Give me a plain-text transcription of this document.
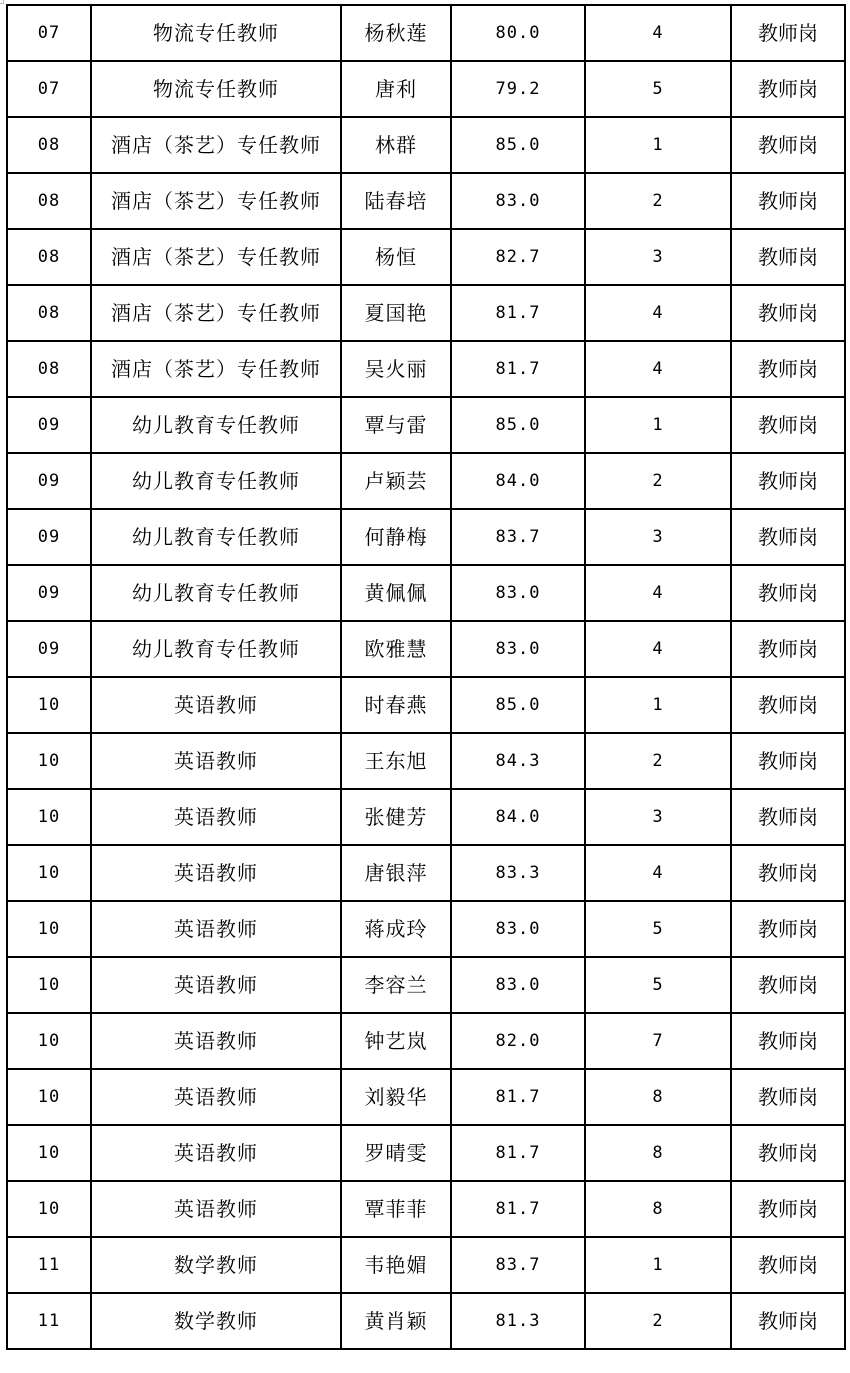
07	物流专任教师	杨秋莲	80.0	4	教师岗
07	物流专任教师	唐利	79.2	5	教师岗
08	酒店（茶艺）专任教师	林群	85.0	1	教师岗
08	酒店（茶艺）专任教师	陆春培	83.0	2	教师岗
08	酒店（茶艺）专任教师	杨恒	82.7	3	教师岗
08	酒店（茶艺）专任教师	夏国艳	81.7	4	教师岗
08	酒店（茶艺）专任教师	吴火丽	81.7	4	教师岗
09	幼儿教育专任教师	覃与雷	85.0	1	教师岗
09	幼儿教育专任教师	卢颖芸	84.0	2	教师岗
09	幼儿教育专任教师	何静梅	83.7	3	教师岗
09	幼儿教育专任教师	黄佩佩	83.0	4	教师岗
09	幼儿教育专任教师	欧雅慧	83.0	4	教师岗
10	英语教师	时春燕	85.0	1	教师岗
10	英语教师	王东旭	84.3	2	教师岗
10	英语教师	张健芳	84.0	3	教师岗
10	英语教师	唐银萍	83.3	4	教师岗
10	英语教师	蒋成玲	83.0	5	教师岗
10	英语教师	李容兰	83.0	5	教师岗
10	英语教师	钟艺岚	82.0	7	教师岗
10	英语教师	刘毅华	81.7	8	教师岗
10	英语教师	罗晴雯	81.7	8	教师岗
10	英语教师	覃菲菲	81.7	8	教师岗
11	数学教师	韦艳媚	83.7	1	教师岗
11	数学教师	黄肖颖	81.3	2	教师岗
